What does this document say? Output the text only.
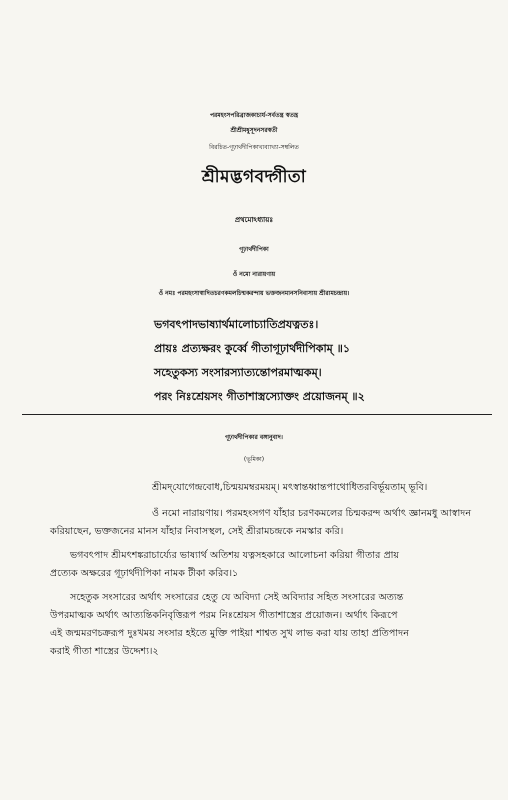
পরমহংসপরিব্রাজকাচার্য-সর্বতন্ত্র স্বতন্ত্র
শ্রীশ্রীমধুসূদনসরস্বতী
বিরচিত-গূঢ়ার্থদীপিকাখ্যব্যাখ্যা-সম্বলিত
শ্রীমদ্ভগবদ্গীতা
প্রথমোঽধ্যায়ঃ
গূঢ়ার্থদীপিকা
ওঁ নমো নারায়ণায়
ওঁ নমঃ পরমহংসাস্বাদিতচরণকমলচিন্মকরন্দায় ভক্তজনমানসনিবাসায় শ্রীরামচন্দ্রায়।
ভগবৎপাদভাষ্যার্থমালোচ্যাতিপ্রযত্নতঃ।
প্রায়ঃ প্রত্যক্ষরং কুর্ব্বে গীতাগূঢ়ার্থদীপিকাম্ ॥১
সহেতুকস্য সংসারস্যাত্যন্তোপরমাত্মকম্।
পরং নিঃশ্রেয়সং গীতাশাস্ত্রস্যোক্তং প্রয়োজনম্ ॥২
গূঢ়ার্থদীপিকার বঙ্গানুবাদ।
(ভূমিকা)
শ্রীমদ্‌যোগেন্দ্রবোধ,চিন্ময়মম্বরময়ম্। মৎস্বান্তধ্বান্তপাথোধিতরবির্ভূয়তাম্ ভূবি।
ওঁ নমো নারায়ণায়। পরমহংসগণ যাঁহার চরণকমলের চিন্মকরন্দ অর্থাৎ জ্ঞানমধু আস্বাদন
করিয়াছেন, ভক্তজনের মানস যাঁহার নিবাসস্থল, সেই শ্রীরামচন্দ্রকে নমস্কার করি।
ভগবৎপাদ শ্রীমৎশঙ্করাচার্য্যের ভাষ্যার্থ অতিশয় যত্নসহকারে আলোচনা করিয়া গীতার প্রায়
প্রত্যেক অক্ষরের গূঢ়ার্থদীপিকা নামক টীকা করিব।১
সহেতুক সংসারের অর্থাৎ সংসারের হেতু যে অবিদ্যা সেই অবিদ্যার সহিত সংসারের অত্যন্ত
উপরমাত্মক অর্থাৎ আত্যন্তিকনিবৃত্তিরূপ পরম নিঃশ্রেয়স গীতাশাস্ত্রের প্রয়োজন। অর্থাৎ কিরূপে
এই জন্মমরণচক্ররূপ দুঃখময় সংসার হইতে মুক্তি পাইয়া শাশ্বত সুখ লাভ করা যায় তাহা প্রতিপাদন
করাই গীতা শাস্ত্রের উদ্দেশ্য।২
